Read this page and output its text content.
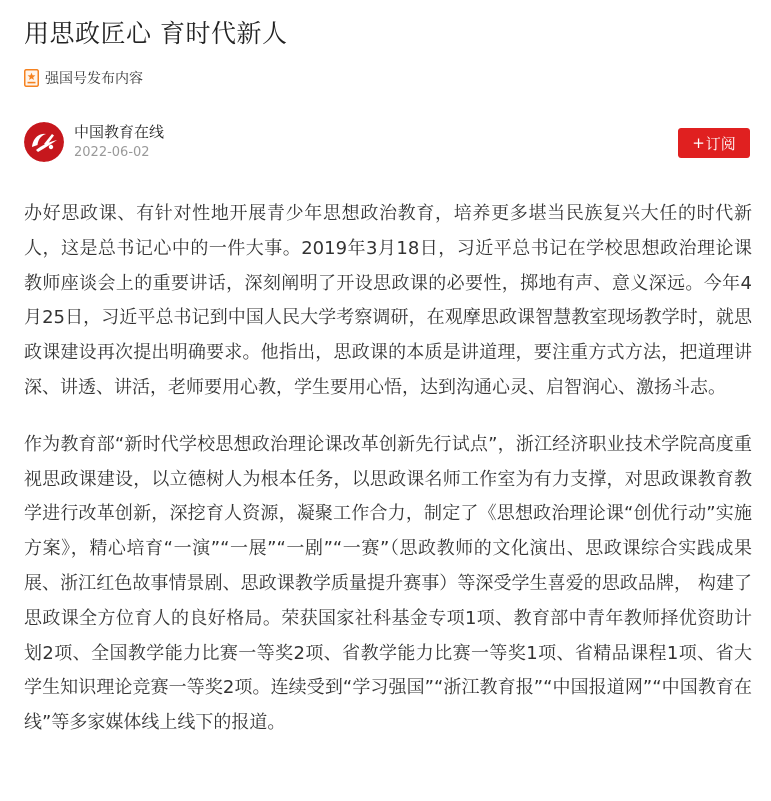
用思政匠心 育时代新人
强国号发布内容
中国教育在线
2022-06-02	+ 订阅

办好思政课、有针对性地开展青少年思想政治教育，培养更多堪当民族复兴大任的时代新人，这是总书记心中的一件大事。2019年3月18日，习近平总书记在学校思想政治理论课教师座谈会上的重要讲话，深刻阐明了开设思政课的必要性，掷地有声、意义深远。今年4月25日，习近平总书记到中国人民大学考察调研，在观摩思政课智慧教室现场教学时，就思政课建设再次提出明确要求。他指出，思政课的本质是讲道理，要注重方式方法，把道理讲深、讲透、讲活，老师要用心教，学生要用心悟，达到沟通心灵、启智润心、激扬斗志。

作为教育部“新时代学校思想政治理论课改革创新先行试点”，浙江经济职业技术学院高度重视思政课建设，以立德树人为根本任务，以思政课名师工作室为有力支撑，对思政课教育教学进行改革创新，深挖育人资源，凝聚工作合力，制定了《思想政治理论课“创优行动”实施方案》，精心培育“一演”“一展”“一剧”“一赛”（思政教师的文化演出、思政课综合实践成果展、浙江红色故事情景剧、思政课教学质量提升赛事）等深受学生喜爱的思政品牌， 构建了思政课全方位育人的良好格局。荣获国家社科基金专项1项、教育部中青年教师择优资助计划2项、全国教学能力比赛一等奖2项、省教学能力比赛一等奖1项、省精品课程1项、省大学生知识理论竞赛一等奖2项。连续受到“学习强国”“浙江教育报”“中国报道网”“中国教育在线”等多家媒体线上线下的报道。
